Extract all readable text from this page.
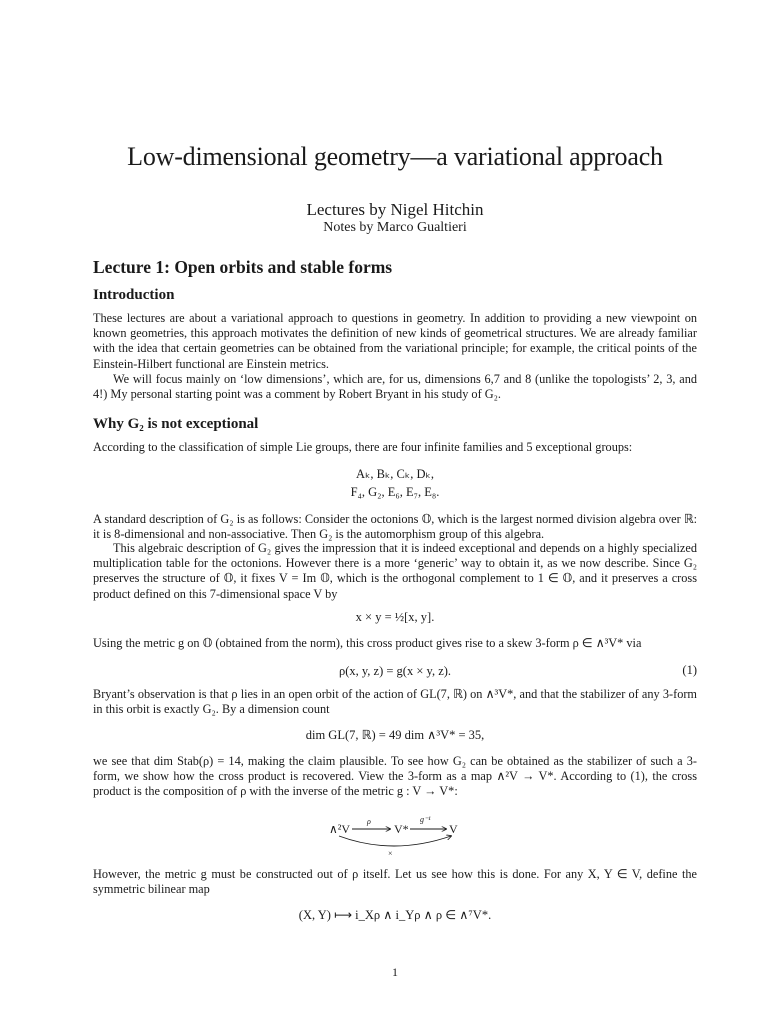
Low-dimensional geometry—a variational approach
Lectures by Nigel Hitchin
Notes by Marco Gualtieri
Lecture 1: Open orbits and stable forms
Introduction
These lectures are about a variational approach to questions in geometry. In addition to providing a new viewpoint on known geometries, this approach motivates the definition of new kinds of geometrical structures. We are already familiar with the idea that certain geometries can be obtained from the variational principle; for example, the critical points of the Einstein-Hilbert functional are Einstein metrics.
We will focus mainly on ‘low dimensions’, which are, for us, dimensions 6,7 and 8 (unlike the topologists’ 2, 3, and 4!) My personal starting point was a comment by Robert Bryant in his study of G₂.
Why G₂ is not exceptional
According to the classification of simple Lie groups, there are four infinite families and 5 exceptional groups:
Aₖ, Bₖ, Cₖ, Dₖ,
F₄, G₂, E₆, E₇, E₈.
A standard description of G₂ is as follows: Consider the octonions 𝕆, which is the largest normed division algebra over ℝ: it is 8-dimensional and non-associative. Then G₂ is the automorphism group of this algebra.
This algebraic description of G₂ gives the impression that it is indeed exceptional and depends on a highly specialized multiplication table for the octonions. However there is a more ‘generic’ way to obtain it, as we now describe. Since G₂ preserves the structure of 𝕆, it fixes V = Im 𝕆, which is the orthogonal complement to 1 ∈ 𝕆, and it preserves a cross product defined on this 7-dimensional space V by
x × y = ½[x, y].
Using the metric g on 𝕆 (obtained from the norm), this cross product gives rise to a skew 3-form ρ ∈ ∧³V* via
ρ(x, y, z) = g(x × y, z).	(1)
Bryant’s observation is that ρ lies in an open orbit of the action of GL(7, ℝ) on ∧³V*, and that the stabilizer of any 3-form in this orbit is exactly G₂. By a dimension count
dim GL(7, ℝ) = 49 dim ∧³V* = 35,
we see that dim Stab(ρ) = 14, making the claim plausible. To see how G₂ can be obtained as the stabilizer of such a 3-form, we show how the cross product is recovered. View the 3-form as a map ∧²V → V*. According to (1), the cross product is the composition of ρ with the inverse of the metric g : V → V*:
∧²V	V*	V
ρ	g⁻¹
×
However, the metric g must be constructed out of ρ itself. Let us see how this is done. For any X, Y ∈ V, define the symmetric bilinear map
(X, Y) ⟼ i_Xρ ∧ i_Yρ ∧ ρ ∈ ∧⁷V*.
1
